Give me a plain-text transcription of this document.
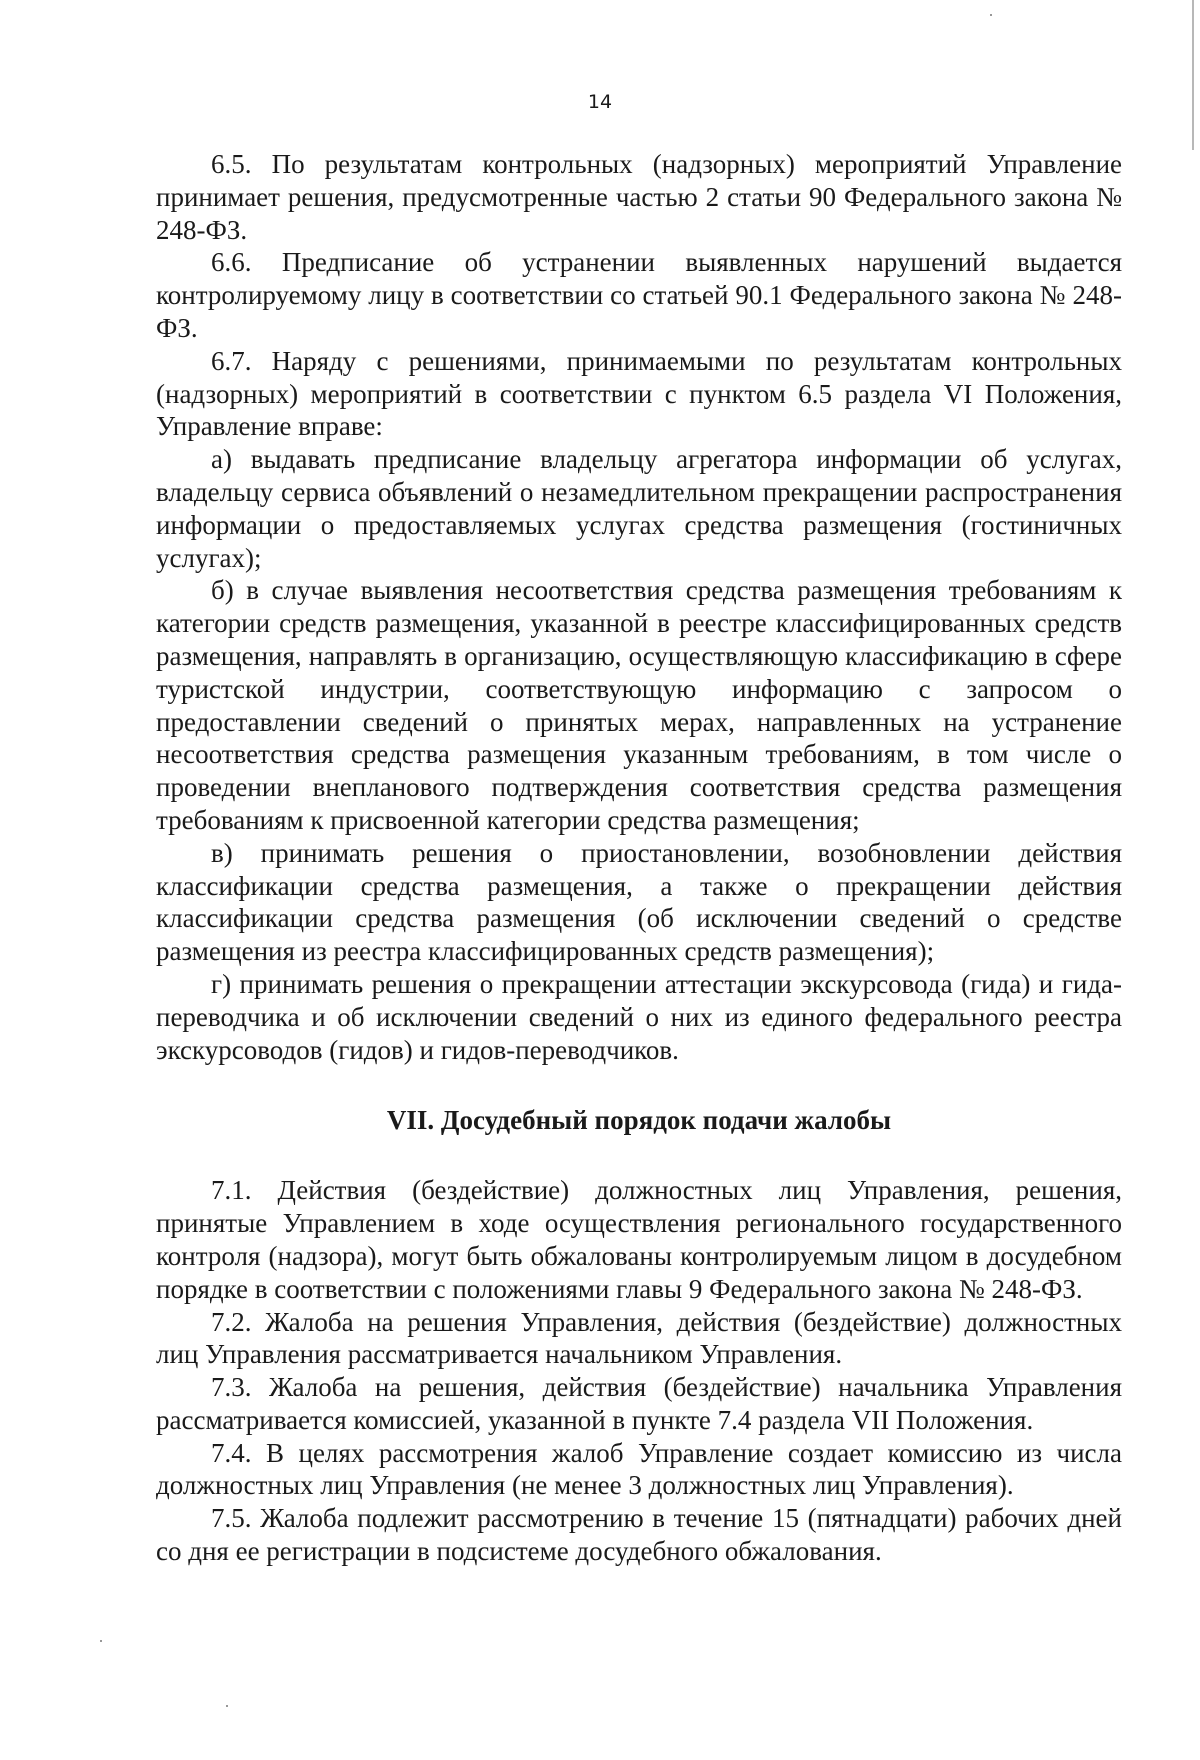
14

6.5. По результатам контрольных (надзорных) мероприятий Управление принимает решения, предусмотренные частью 2 статьи 90 Федерального закона № 248-ФЗ.

6.6. Предписание об устранении выявленных нарушений выдается контролируемому лицу в соответствии со статьей 90.1 Федерального закона № 248-ФЗ.

6.7. Наряду с решениями, принимаемыми по результатам контрольных (надзорных) мероприятий в соответствии с пунктом 6.5 раздела VI Положения, Управление вправе:

а) выдавать предписание владельцу агрегатора информации об услугах, владельцу сервиса объявлений о незамедлительном прекращении распространения информации о предоставляемых услугах средства размещения (гостиничных услугах);

б) в случае выявления несоответствия средства размещения требованиям к категории средств размещения, указанной в реестре классифицированных средств размещения, направлять в организацию, осуществляющую классификацию в сфере туристской индустрии, соответствующую информацию с запросом о предоставлении сведений о принятых мерах, направленных на устранение несоответствия средства размещения указанным требованиям, в том числе о проведении внепланового подтверждения соответствия средства размещения требованиям к присвоенной категории средства размещения;

в) принимать решения о приостановлении, возобновлении действия классификации средства размещения, а также о прекращении действия классификации средства размещения (об исключении сведений о средстве размещения из реестра классифицированных средств размещения);

г) принимать решения о прекращении аттестации экскурсовода (гида) и гида-переводчика и об исключении сведений о них из единого федерального реестра экскурсоводов (гидов) и гидов-переводчиков.

VII. Досудебный порядок подачи жалобы

7.1. Действия (бездействие) должностных лиц Управления, решения, принятые Управлением в ходе осуществления регионального государственного контроля (надзора), могут быть обжалованы контролируемым лицом в досудебном порядке в соответствии с положениями главы 9 Федерального закона № 248-ФЗ.

7.2. Жалоба на решения Управления, действия (бездействие) должностных лиц Управления рассматривается начальником Управления.

7.3. Жалоба на решения, действия (бездействие) начальника Управления рассматривается комиссией, указанной в пункте 7.4 раздела VII Положения.

7.4. В целях рассмотрения жалоб Управление создает комиссию из числа должностных лиц Управления (не менее 3 должностных лиц Управления).

7.5. Жалоба подлежит рассмотрению в течение 15 (пятнадцати) рабочих дней со дня ее регистрации в подсистеме досудебного обжалования.
